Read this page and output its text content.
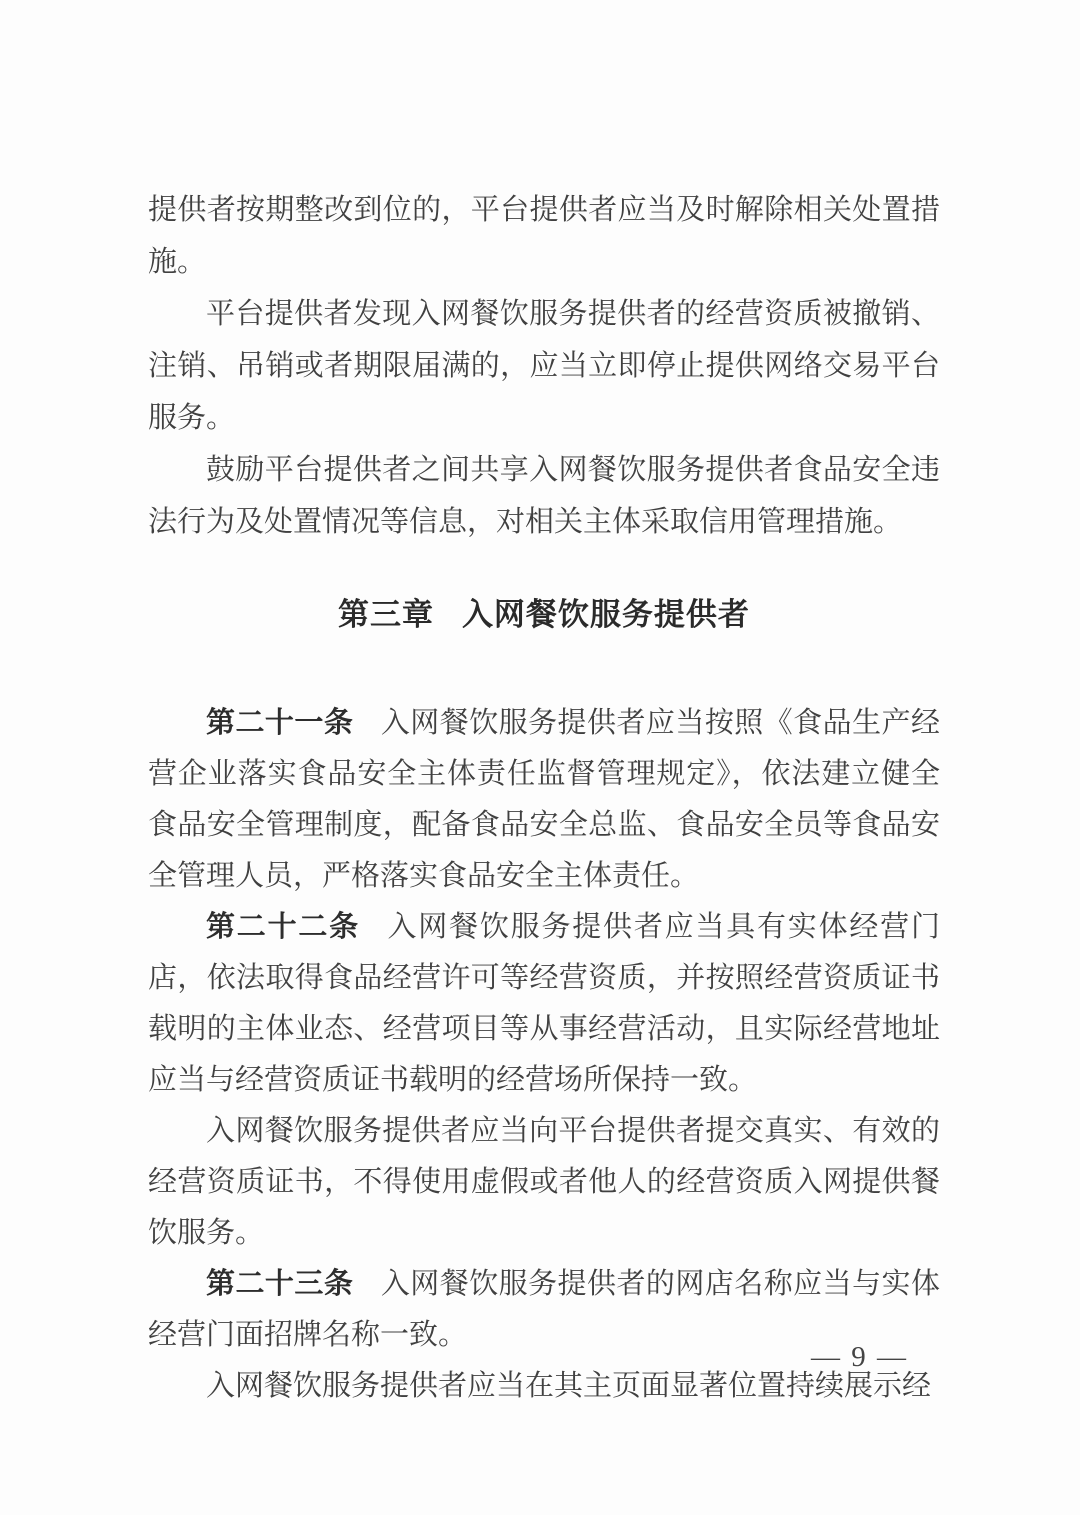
提供者按期整改到位的，平台提供者应当及时解除相关处置措施。

平台提供者发现入网餐饮服务提供者的经营资质被撤销、注销、吊销或者期限届满的，应当立即停止提供网络交易平台服务。

鼓励平台提供者之间共享入网餐饮服务提供者食品安全违法行为及处置情况等信息，对相关主体采取信用管理措施。

第三章 入网餐饮服务提供者

第二十一条 入网餐饮服务提供者应当按照《食品生产经营企业落实食品安全主体责任监督管理规定》，依法建立健全食品安全管理制度，配备食品安全总监、食品安全员等食品安全管理人员，严格落实食品安全主体责任。

第二十二条 入网餐饮服务提供者应当具有实体经营门店，依法取得食品经营许可等经营资质，并按照经营资质证书载明的主体业态、经营项目等从事经营活动，且实际经营地址应当与经营资质证书载明的经营场所保持一致。

入网餐饮服务提供者应当向平台提供者提交真实、有效的经营资质证书，不得使用虚假或者他人的经营资质入网提供餐饮服务。

第二十三条 入网餐饮服务提供者的网店名称应当与实体经营门面招牌名称一致。

入网餐饮服务提供者应当在其主页面显著位置持续展示经

— 9 —
